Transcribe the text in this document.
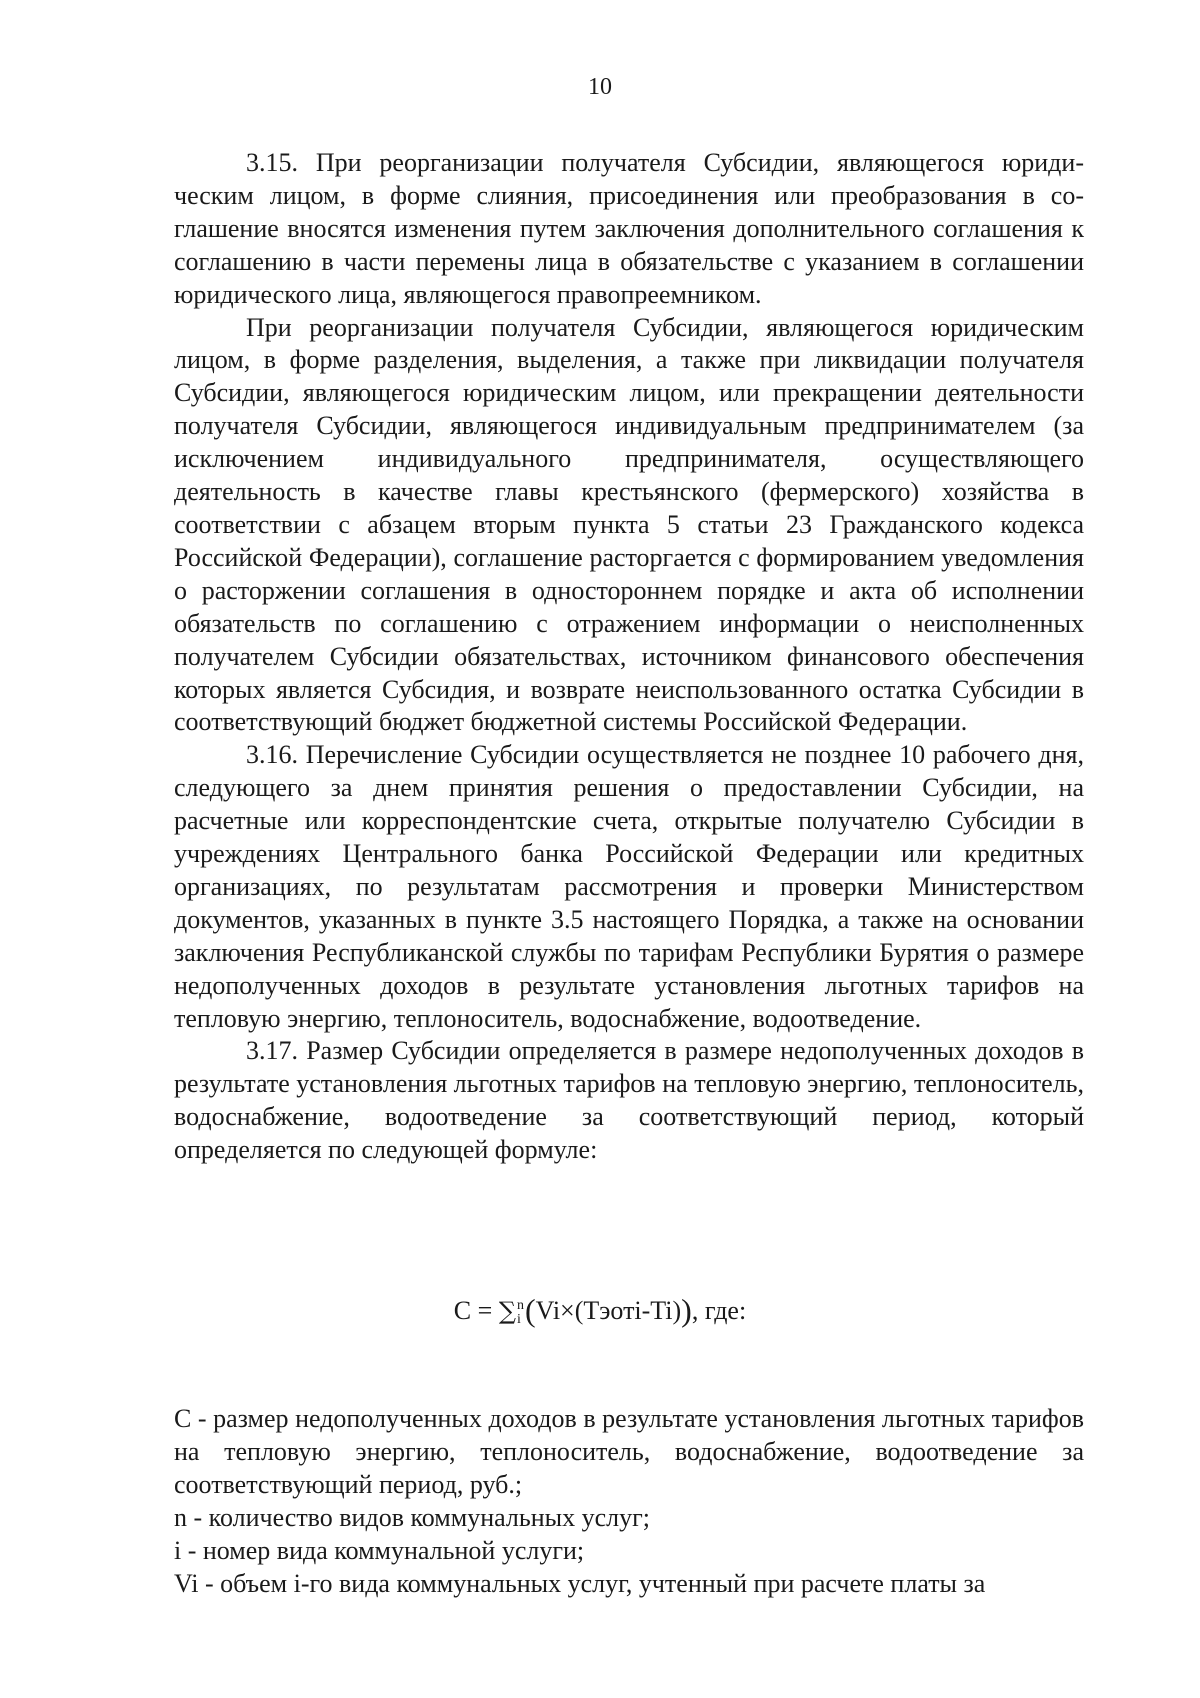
10

3.15. При реорганизации получателя Субсидии, являющегося юридическим лицом, в форме слияния, присоединения или преобразования в соглашение вносятся изменения путем заключения дополнительного соглашения к соглашению в части перемены лица в обязательстве с указанием в соглашении юридического лица, являющегося правопреемником.

При реорганизации получателя Субсидии, являющегося юридическим лицом, в форме разделения, выделения, а также при ликвидации получателя Субсидии, являющегося юридическим лицом, или прекращении деятельности получателя Субсидии, являющегося индивидуальным предпринимателем (за исключением индивидуального предпринимателя, осуществляющего деятельность в качестве главы крестьянского (фермерского) хозяйства в соответствии с абзацем вторым пункта 5 статьи 23 Гражданского кодекса Российской Федерации), соглашение расторгается с формированием уведомления о расторжении соглашения в одностороннем порядке и акта об исполнении обязательств по соглашению с отражением информации о неисполненных получателем Субсидии обязательствах, источником финансового обеспечения которых является Субсидия, и возврате неиспользованного остатка Субсидии в соответствующий бюджет бюджетной системы Российской Федерации.

3.16. Перечисление Субсидии осуществляется не позднее 10 рабочего дня, следующего за днем принятия решения о предоставлении Субсидии, на расчетные или корреспондентские счета, открытые получателю Субсидии в учреждениях Центрального банка Российской Федерации или кредитных организациях, по результатам рассмотрения и проверки Министерством документов, указанных в пункте 3.5 настоящего Порядка, а также на основании заключения Республиканской службы по тарифам Республики Бурятия о размере недополученных доходов в результате установления льготных тарифов на тепловую энергию, теплоноситель, водоснабжение, водоотведение.

3.17. Размер Субсидии определяется в размере недополученных доходов в результате установления льготных тарифов на тепловую энергию, теплоноситель, водоснабжение, водоотведение за соответствующий период, который определяется по следующей формуле:

C = ∑ n
i (Vi×(Tэотi-Ti)), где:

C - размер недополученных доходов в результате установления льготных тарифов на тепловую энергию, теплоноситель, водоснабжение, водоотведение за соответствующий период, руб.;

n - количество видов коммунальных услуг;

i - номер вида коммунальной услуги;

Vi - объем i-го вида коммунальных услуг, учтенный при расчете платы за
